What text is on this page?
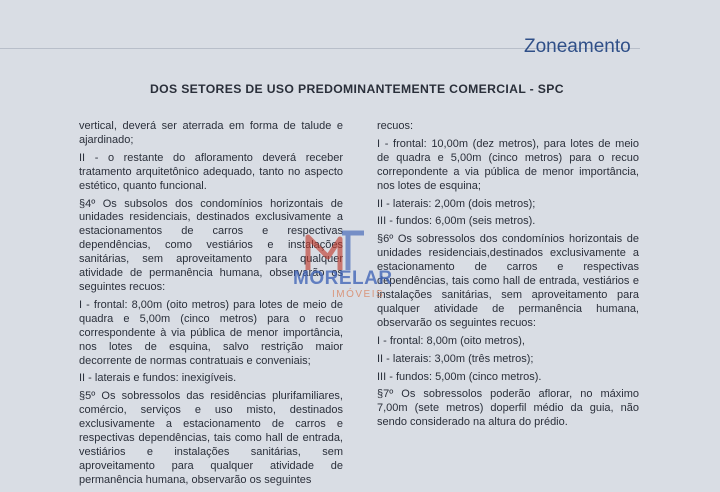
Zoneamento
DOS SETORES DE USO PREDOMINANTEMENTE COMERCIAL - SPC

vertical, deverá ser aterrada em forma de talude e ajardinado;

II - o restante do afloramento deverá receber tratamento arquitetônico adequado, tanto no aspecto estético, quanto funcional.

§4º Os subsolos dos condomínios horizontais de unidades residenciais, destinados exclusivamente a estacionamentos de carros e respectivas dependências, como vestiários e instalações sanitárias, sem aproveitamento para qualquer atividade de permanência humana, observarão os seguintes recuos:

I - frontal: 8,00m (oito metros) para lotes de meio de quadra e 5,00m (cinco metros) para o recuo correspondente à via pública de menor importância, nos lotes de esquina, salvo restrição maior decorrente de normas contratuais e conveniais;

II - laterais e fundos: inexigíveis.

§5º Os sobressolos das residências plurifamiliares, comércio, serviços e uso misto, destinados exclusivamente a estacionamento de carros e respectivas dependências, tais como hall de entrada, vestiários e instalações sanitárias, sem aproveitamento para qualquer atividade de permanência humana, observarão os seguintes

recuos:

I - frontal: 10,00m (dez metros), para lotes de meio de quadra e 5,00m (cinco metros) para o recuo correpondente a via pública de menor importância, nos lotes de esquina;

II - laterais: 2,00m (dois metros);

III - fundos: 6,00m (seis metros).

§6º Os sobressolos dos condomínios horizontais de unidades residenciais,destinados exclusivamente a estacionamento de carros e respectivas dependências, tais como hall de entrada, vestiários e instalações sanitárias, sem aproveitamento para qualquer atividade de permanência humana, observarão os seguintes recuos:

I - frontal: 8,00m (oito metros),

II - laterais: 3,00m (três metros);

III - fundos: 5,00m (cinco metros).

§7º Os sobressolos poderão aflorar, no máximo 7,00m (sete metros) doperfil médio da guia, não sendo considerado na altura do prédio.

MORELAR
IMÓVEIS
